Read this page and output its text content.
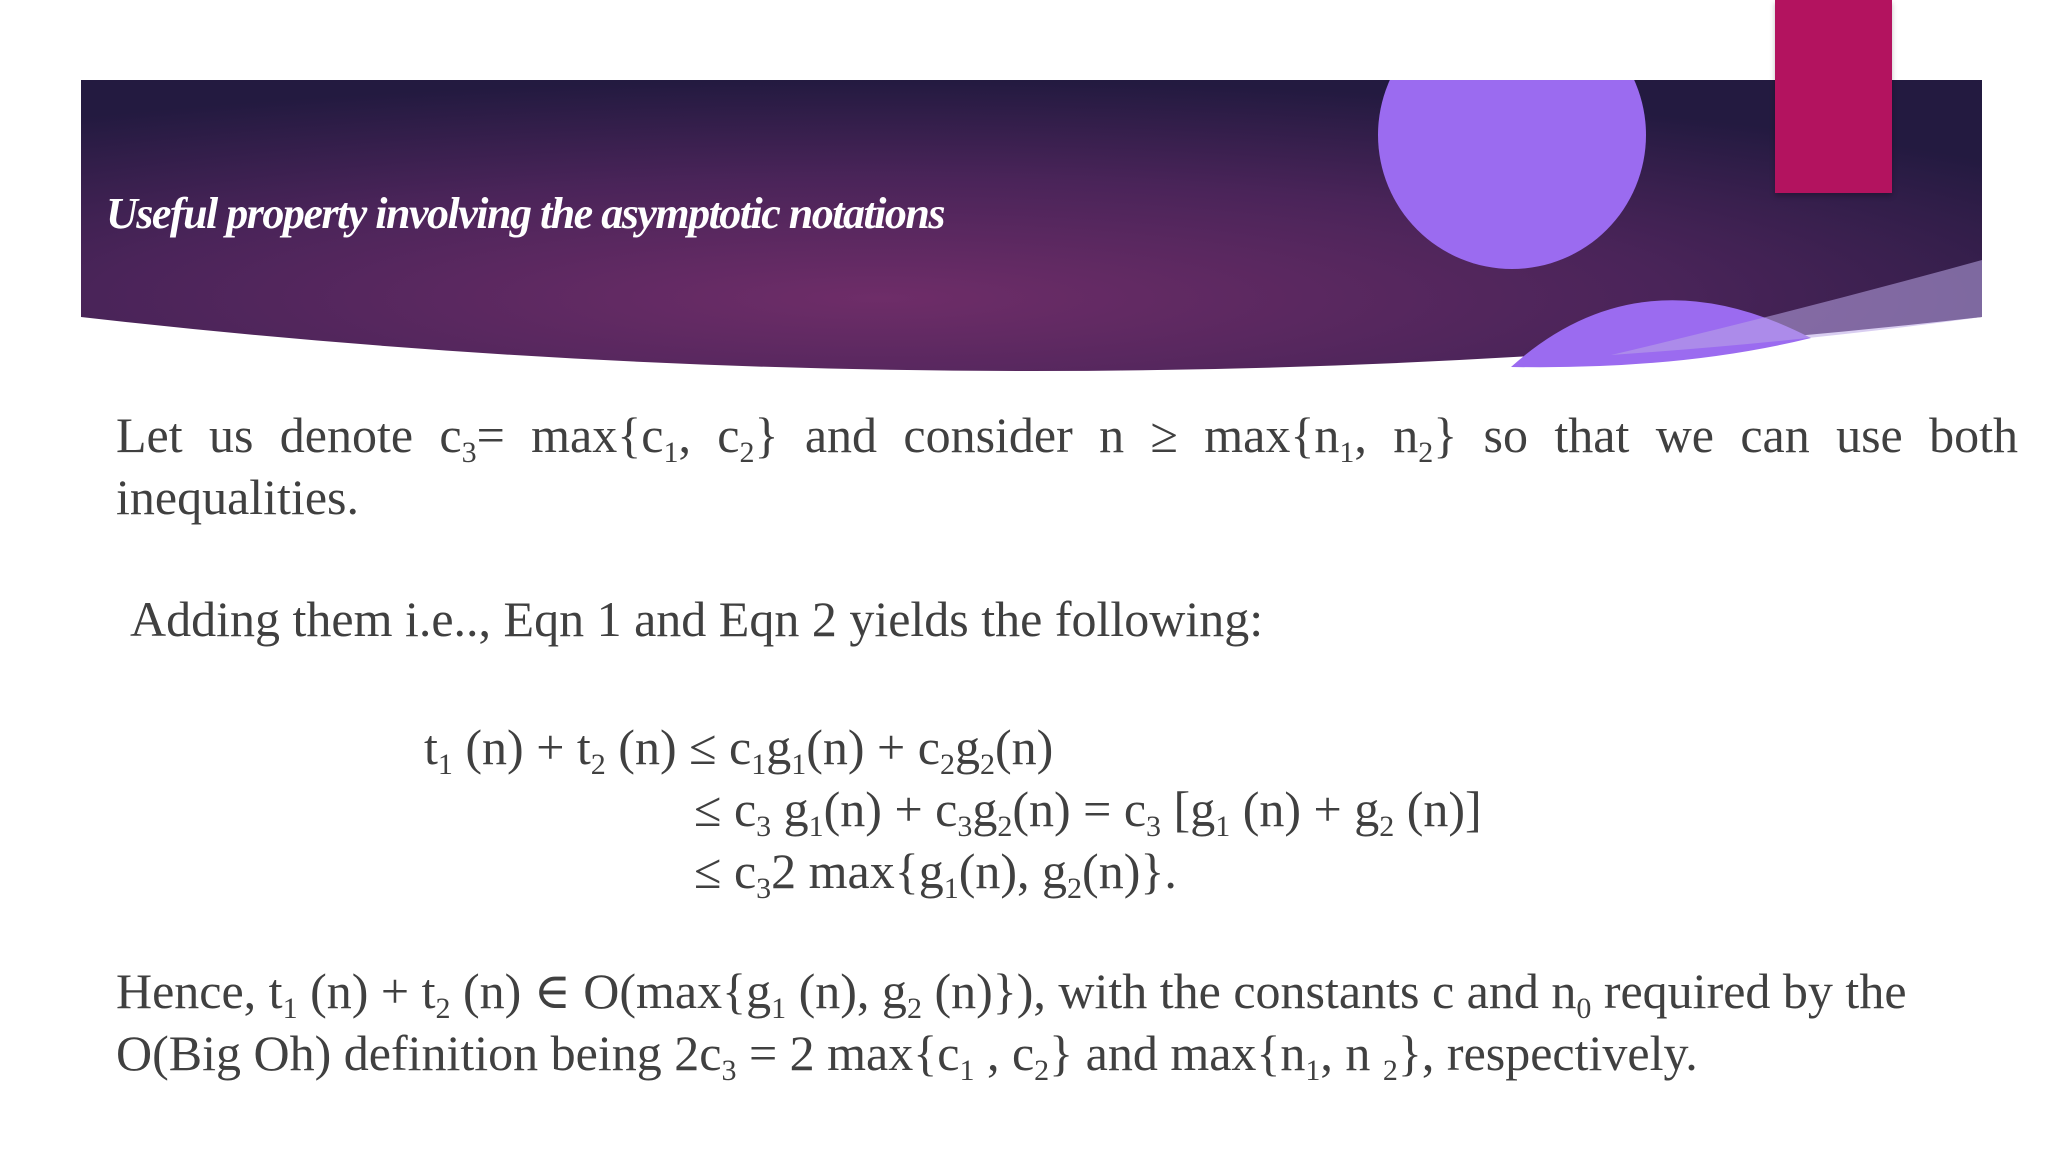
Useful property involving the asymptotic notations
Let us denote $c_3= \max\{c_1$, $c_2$} and consider $n \ge \max\{n_1$, $n_2$} so that we can use both inequalities.
Adding them i.e.., Eqn 1 and Eqn 2 yields the following:
$t_1$ $(n) + t_2$ $(n) \le c_1g_1(n) + c_2g_2(n)$
≤ $c_3$ $g_1(n) + c_3g_2(n) = c_3$ [$g_1$ $(n) + g_2$ (n)]
≤ $c_32$ $\max\{g_1(n)$, $g_2(n)$}.
Hence, $t_1$ $(n) + t_2$ (n) ∈ $O(\max\{g_1$ (n), $g_2$ (n)}), with the constants c and $n_0$ required by the
O(Big Oh) definition being $2c_3 = 2$ $\max\{c_1$ , $c_2$} and $\max\{n_1$, n $_2$}, respectively.
